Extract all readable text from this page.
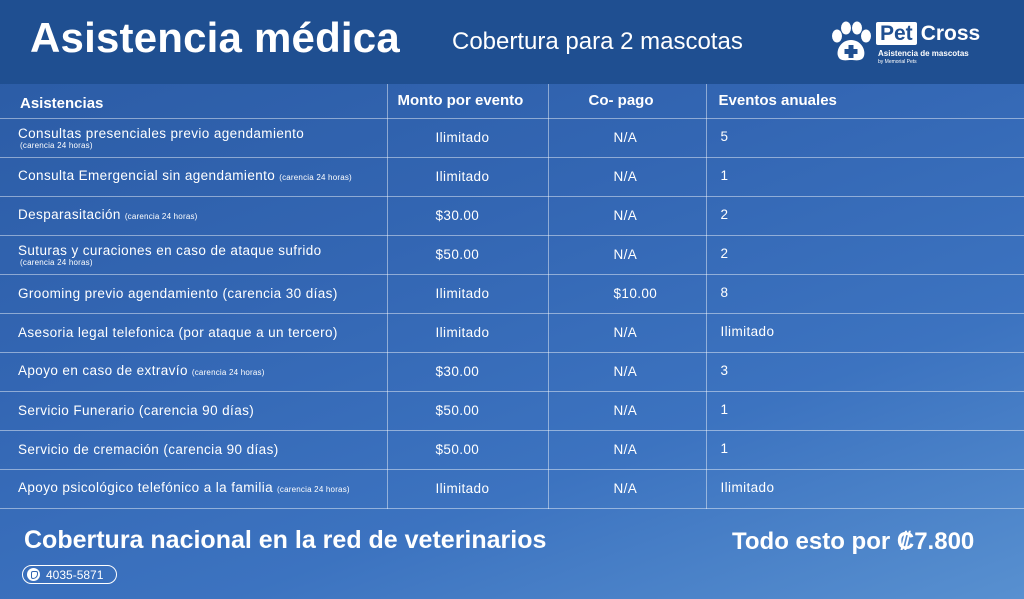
Asistencia médica Cobertura para 2 mascotas	Pet Cross
Asistencia de mascotas
by Memorial Pets
Asistencias	Monto por evento	Co- pago	Eventos anuales
Consultas presenciales previo agendamiento
(carencia 24 horas)	Ilimitado	N/A	5
Consulta Emergencial sin agendamiento (carencia 24 horas)	Ilimitado	N/A	1
Desparasitación (carencia 24 horas)	$30.00	N/A	2
Suturas y curaciones en caso de ataque sufrido
(carencia 24 horas)	$50.00	N/A	2
Grooming previo agendamiento (carencia 30 días)	Ilimitado	$10.00	8
Asesoria legal telefonica (por ataque a un tercero)	Ilimitado	N/A	Ilimitado
Apoyo en caso de extravío (carencia 24 horas)	$30.00	N/A	3
Servicio Funerario (carencia 90 días)	$50.00	N/A	1
Servicio de cremación (carencia 90 días)	$50.00	N/A	1
Apoyo psicológico telefónico a la familia (carencia 24 horas)	Ilimitado	N/A	Ilimitado
Cobertura nacional en la red de veterinarios	Todo esto por ₡7.800
4035-5871
